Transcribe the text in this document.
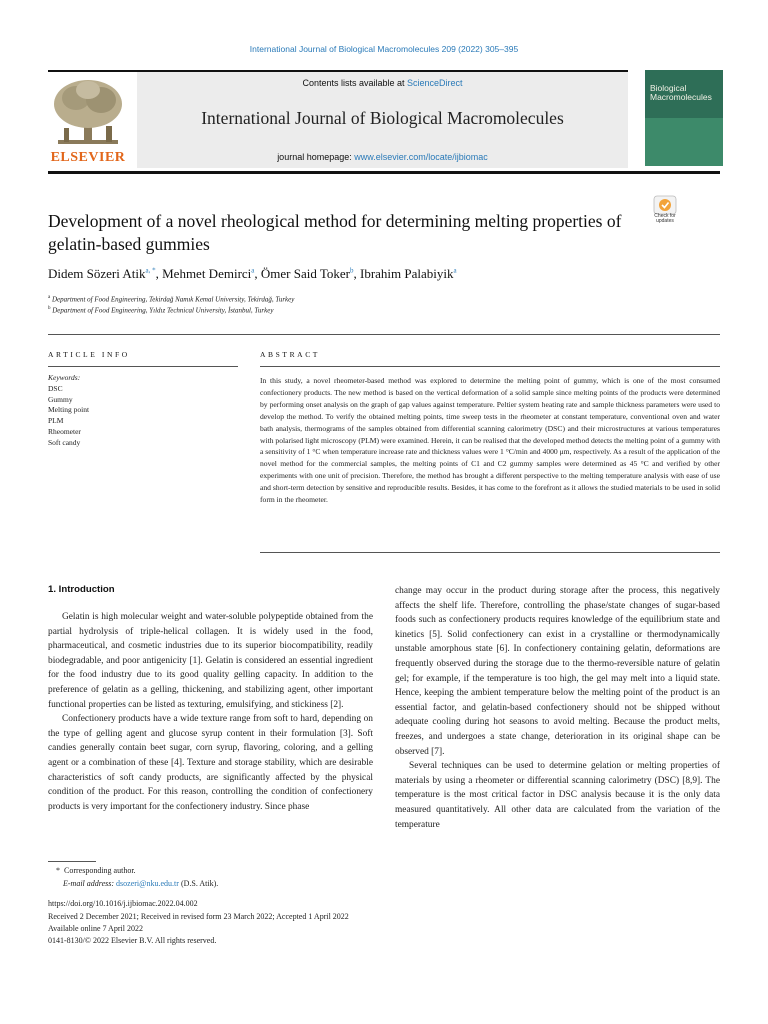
International Journal of Biological Macromolecules 209 (2022) 305–395
ELSEVIER
Contents lists available at ScienceDirect
International Journal of Biological Macromolecules
journal homepage: www.elsevier.com/locate/ijbiomac
Biological Macromolecules
Check for updates
Development of a novel rheological method for determining melting properties of gelatin-based gummies
Didem Sözeri Atik$^{a, *}$, Mehmet Demirci$^a$, Ömer Said Toker$^b$, Ibrahim Palabiyik$^a$
$^a$ Department of Food Engineering, Tekirdağ Namık Kemal University, Tekirdağ, Turkey
$^b$ Department of Food Engineering, Yıldız Technical University, İstanbul, Turkey
ARTICLE INFO	ABSTRACT
Keywords:
DSC
Gummy
Melting point
PLM
Rheometer
Soft candy
In this study, a novel rheometer-based method was explored to determine the melting point of gummy, which is one of the most consumed confectionery products. The new method is based on the vertical deformation of a solid sample since melting points of the products were determined by performing onset analysis on the graph of gap values against temperature. Peltier system heating rate and sample thickness parameters were used to develop the method. To verify the obtained melting points, time sweep tests in the rheometer at constant temperature, conventional oven and water bath analysis, thermograms of the samples obtained from differential scanning calorimetry (DSC) and their microstructures at various temperatures with polarised light microscopy (PLM) were examined. Herein, it can be realised that the developed method detects the melting point of a gummy with a sensitivity of 1 °C when temperature increase rate and thickness values were 1 °C/min and 4000 μm, respectively. As a result of the application of the novel method for the commercial samples, the melting points of C1 and C2 gummy samples were determined as 45 °C and verified by other experiments with one unit of precision. Therefore, the method has brought a different perspective to the melting temperature analysis with ease of use and short-term detection by sensitive and reproducible results. Besides, it has come to the forefront as it allows the studied materials to be used in solid form in the rheometer.
1. Introduction

Gelatin is high molecular weight and water-soluble polypeptide obtained from the partial hydrolysis of triple-helical collagen. It is widely used in the food, pharmaceutical, and cosmetic industries due to its superior biocompatibility, readily biodegradable, and poor antigenicity [1]. Gelatin is considered an essential ingredient for the food industry due to its good quality gelling capacity. In addition to the preference of gelatin as a gelling, thickening, and stabilizing agent, other important functional properties can be listed as texturing, emulsifying, and stickiness [2].

Confectionery products have a wide texture range from soft to hard, depending on the type of gelling agent and glucose syrup content in their formulation [3]. Soft candies generally contain beet sugar, corn syrup, flavoring, coloring, and a gelling agent or a combination of these [4]. Texture and storage stability, which are desirable characteristics of soft candy products, are significantly affected by the physical condition of the product. For this reason, controlling the condition of confectionery products is very important for the confectionery industry. Since phase

change may occur in the product during storage after the process, this negatively affects the shelf life. Therefore, controlling the phase/state changes of sugar-based foods such as confectionery products requires knowledge of the equilibrium state and kinetics [5]. Solid confectionery can exist in a crystalline or thermodynamically unstable amorphous state [6]. In confectionery containing gelatin, deformations are frequently observed during the storage due to the thermo-reversible nature of gelatin gel; for example, if the temperature is too high, the gel may melt into a liquid state. Hence, keeping the ambient temperature below the melting point of the product is an essential factor, and gelatin-based confectionery should not be shipped without adequate cooling during hot seasons to avoid melting. Because the product melts, freezes, and undergoes a state change, deterioration in its original shape can be observed [7].

Several techniques can be used to determine gelation or melting properties of materials by using a rheometer or differential scanning calorimetry (DSC) [8,9]. The temperature is the most critical factor in DSC analysis because it is the only data measured quantitatively. All other data are calculated from the variation of the temperature

* Corresponding author.
E-mail address: dsozeri@nku.edu.tr (D.S. Atik).
https://doi.org/10.1016/j.ijbiomac.2022.04.002
Received 2 December 2021; Received in revised form 23 March 2022; Accepted 1 April 2022
Available online 7 April 2022
0141-8130/© 2022 Elsevier B.V. All rights reserved.
